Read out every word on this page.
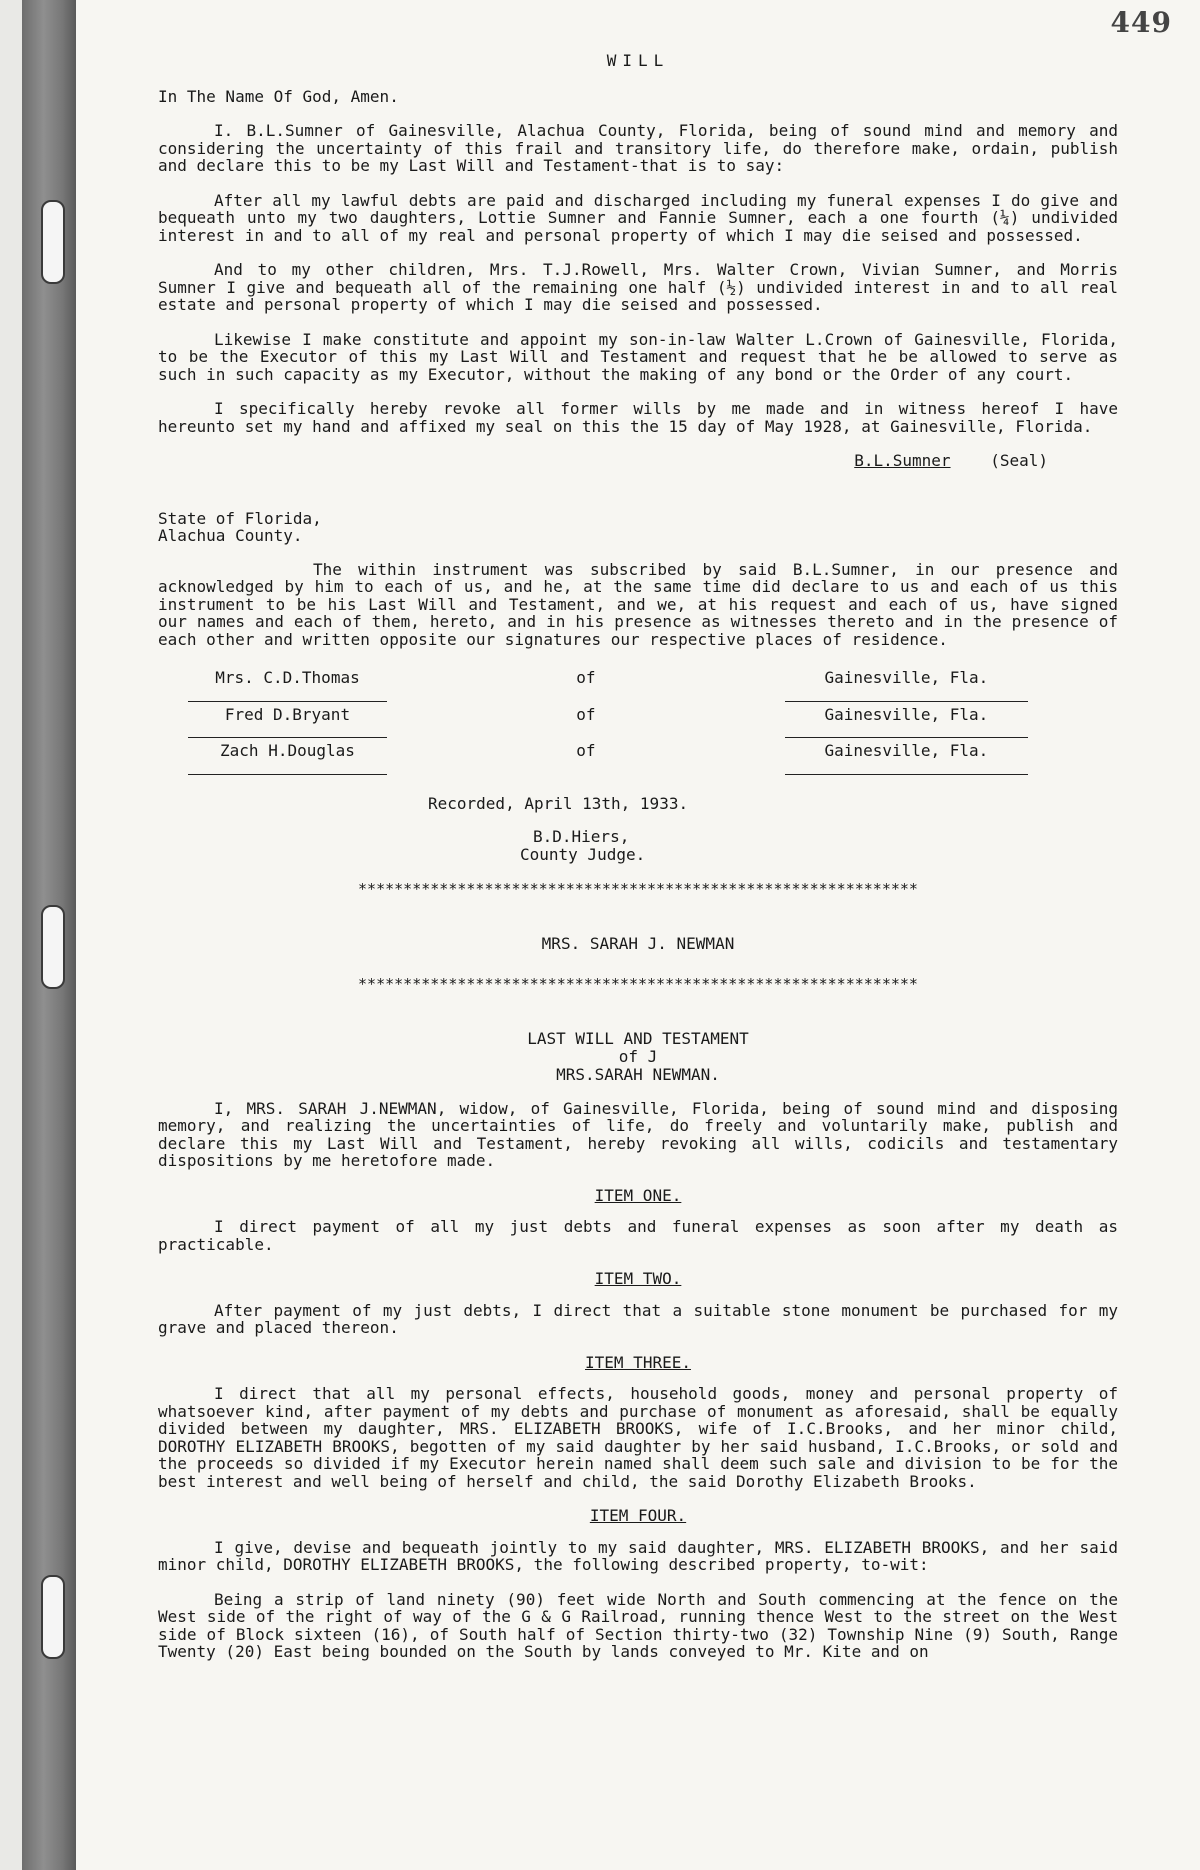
449
WILL

In The Name Of God, Amen.

I. B.L.Sumner of Gainesville, Alachua County, Florida, being of sound mind and memory and considering the uncertainty of this frail and transitory life, do therefore make, ordain, publish and declare this to be my Last Will and Testament-that is to say:

After all my lawful debts are paid and discharged including my funeral expenses I do give and bequeath unto my two daughters, Lottie Sumner and Fannie Sumner, each a one fourth (¼) undivided interest in and to all of my real and personal property of which I may die seised and possessed.

And to my other children, Mrs. T.J.Rowell, Mrs. Walter Crown, Vivian Sumner, and Morris Sumner I give and bequeath all of the remaining one half (½) undivided interest in and to all real estate and personal property of which I may die seised and possessed.

Likewise I make constitute and appoint my son-in-law Walter L.Crown of Gainesville, Florida, to be the Executor of this my Last Will and Testament and request that he be allowed to serve as such in such capacity as my Executor, without the making of any bond or the Order of any court.

I specifically hereby revoke all former wills by me made and in witness hereof I have hereunto set my hand and affixed my seal on this the 15 day of May 1928, at Gainesville, Florida.

B.L.Sumner (Seal)
State of Florida,
Alachua County.

The within instrument was subscribed by said B.L.Sumner, in our presence and acknowledged by him to each of us, and he, at the same time did declare to us and each of us this instrument to be his Last Will and Testament, and we, at his request and each of us, have signed our names and each of them, hereto, and in his presence as witnesses thereto and in the presence of each other and written opposite our signatures our respective places of residence.

Mrs. C.D.Thomas	of	Gainesville, Fla.
Fred D.Bryant	of	Gainesville, Fla.
Zach H.Douglas	of	Gainesville, Fla.
Recorded, April 13th, 1933.
B.D.Hiers,
County Judge.
**************************************************************
MRS. SARAH J. NEWMAN
**************************************************************
LAST WILL AND TESTAMENT
of J
MRS.SARAH NEWMAN.

I, MRS. SARAH J.NEWMAN, widow, of Gainesville, Florida, being of sound mind and disposing memory, and realizing the uncertainties of life, do freely and voluntarily make, publish and declare this my Last Will and Testament, hereby revoking all wills, codicils and testamentary dispositions by me heretofore made.

ITEM ONE.

I direct payment of all my just debts and funeral expenses as soon after my death as practicable.

ITEM TWO.

After payment of my just debts, I direct that a suitable stone monument be purchased for my grave and placed thereon.

ITEM THREE.

I direct that all my personal effects, household goods, money and personal property of whatsoever kind, after payment of my debts and purchase of monument as aforesaid, shall be equally divided between my daughter, MRS. ELIZABETH BROOKS, wife of I.C.Brooks, and her minor child, DOROTHY ELIZABETH BROOKS, begotten of my said daughter by her said husband, I.C.Brooks, or sold and the proceeds so divided if my Executor herein named shall deem such sale and division to be for the best interest and well being of herself and child, the said Dorothy Elizabeth Brooks.

ITEM FOUR.

I give, devise and bequeath jointly to my said daughter, MRS. ELIZABETH BROOKS, and her said minor child, DOROTHY ELIZABETH BROOKS, the following described property, to-wit:

Being a strip of land ninety (90) feet wide North and South commencing at the fence on the West side of the right of way of the G & G Railroad, running thence West to the street on the West side of Block sixteen (16), of South half of Section thirty-two (32) Township Nine (9) South, Range Twenty (20) East being bounded on the South by lands conveyed to Mr. Kite and on
